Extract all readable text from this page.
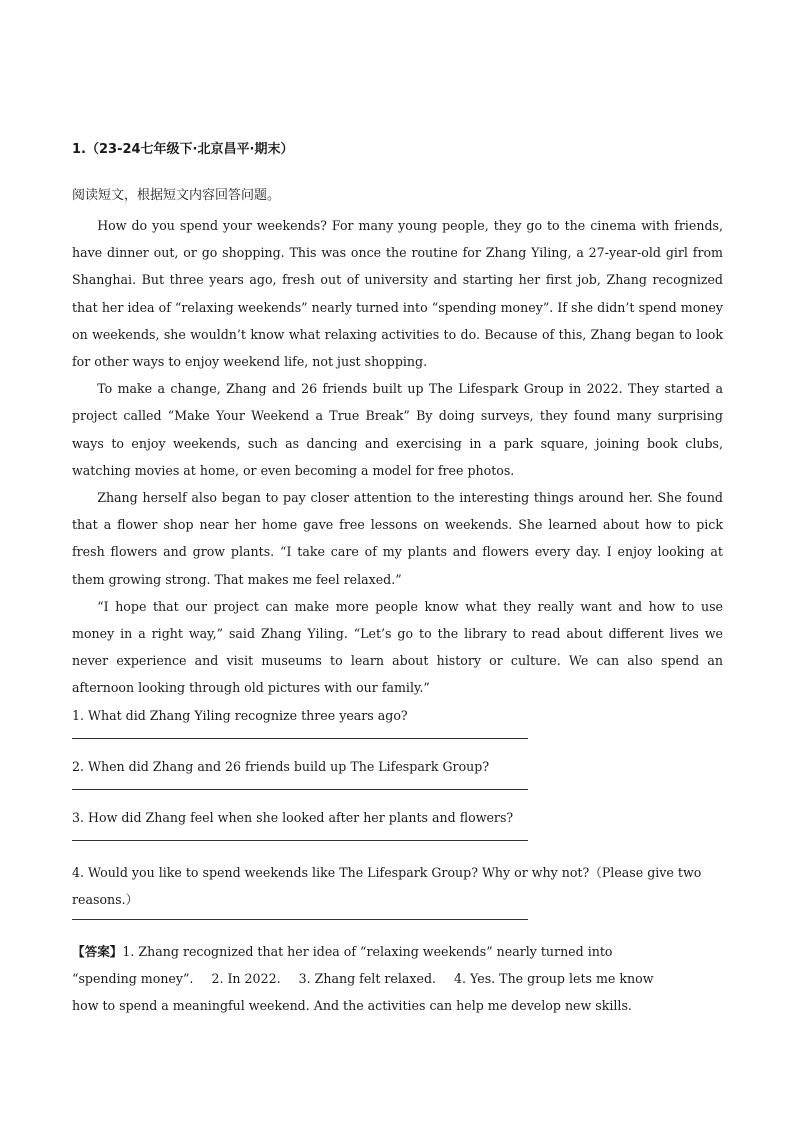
1.（23-24七年级下·北京昌平·期末）
阅读短文，根据短文内容回答问题。

How do you spend your weekends? For many young people, they go to the cinema with friends, have dinner out, or go shopping. This was once the routine for Zhang Yiling, a 27-year-old girl from Shanghai. But three years ago, fresh out of university and starting her first job, Zhang recognized that her idea of “relaxing weekends” nearly turned into “spending money”. If she didn’t spend money on weekends, she wouldn’t know what relaxing activities to do. Because of this, Zhang began to look for other ways to enjoy weekend life, not just shopping.

To make a change, Zhang and 26 friends built up The Lifespark Group in 2022. They started a project called “Make Your Weekend a True Break” By doing surveys, they found many surprising ways to enjoy weekends, such as dancing and exercising in a park square, joining book clubs, watching movies at home, or even becoming a model for free photos.

Zhang herself also began to pay closer attention to the interesting things around her. She found that a flower shop near her home gave free lessons on weekends. She learned about how to pick fresh flowers and grow plants. “I take care of my plants and flowers every day. I enjoy looking at them growing strong. That makes me feel relaxed.”

“I hope that our project can make more people know what they really want and how to use money in a right way,” said Zhang Yiling. “Let’s go to the library to read about different lives we never experience and visit museums to learn about history or culture. We can also spend an afternoon looking through old pictures with our family.”

1. What did Zhang Yiling recognize three years ago?

2. When did Zhang and 26 friends build up The Lifespark Group?

3. How did Zhang feel when she looked after her plants and flowers?

4. Would you like to spend weekends like The Lifespark Group? Why or why not?（Please give two reasons.）

【答案】1. Zhang recognized that her idea of “relaxing weekends” nearly turned into
“spending money”. 2. In 2022. 3. Zhang felt relaxed. 4. Yes. The group lets me know
how to spend a meaningful weekend. And the activities can help me develop new skills.
